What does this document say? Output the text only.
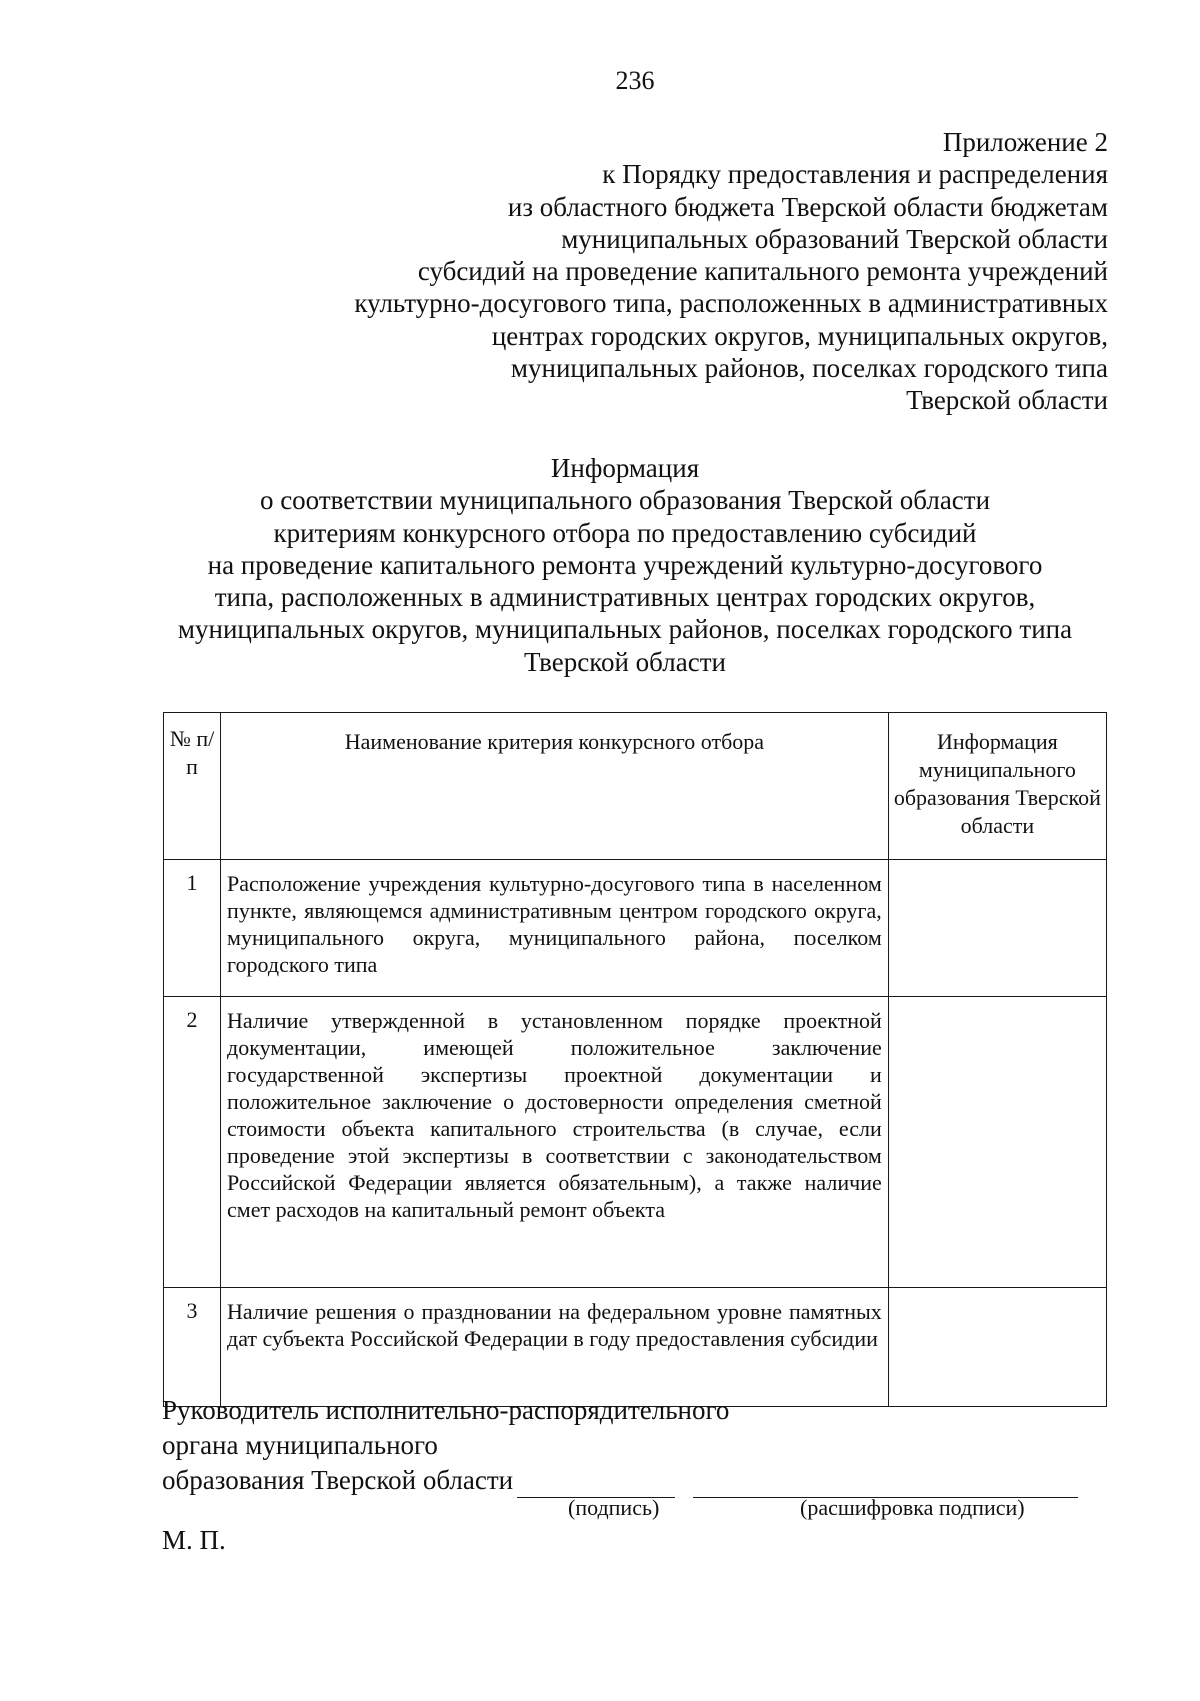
236
Приложение 2
к Порядку предоставления и распределения
из областного бюджета Тверской области бюджетам
муниципальных образований Тверской области
субсидий на проведение капитального ремонта учреждений
культурно-досугового типа, расположенных в административных
центрах городских округов, муниципальных округов,
муниципальных районов, поселках городского типа
Тверской области
Информация
о соответствии муниципального образования Тверской области
критериям конкурсного отбора по предоставлению субсидий
на проведение капитального ремонта учреждений культурно-досугового
типа, расположенных в административных центрах городских округов,
муниципальных округов, муниципальных районов, поселках городского типа
Тверской области
№ п/п	Наименование критерия конкурсного отбора	Информация муниципального образования Тверской области
1	Расположение учреждения культурно-досугового типа в населенном пункте, являющемся административным центром городского округа, муниципального округа, муниципального района, поселком городского типа	
2	Наличие утвержденной в установленном порядке проектной документации, имеющей положительное заключение государственной экспертизы проектной документации и положительное заключение о достоверности определения сметной стоимости объекта капитального строительства (в случае, если проведение этой экспертизы в соответствии с законодательством Российской Федерации является обязательным), а также наличие смет расходов на капитальный ремонт объекта	
3	Наличие решения о праздновании на федеральном уровне памятных дат субъекта Российской Федерации в году предоставления субсидии	
Руководитель исполнительно-распорядительного
органа муниципального
образования Тверской области
(подпись)	(расшифровка подписи)
М. П.
